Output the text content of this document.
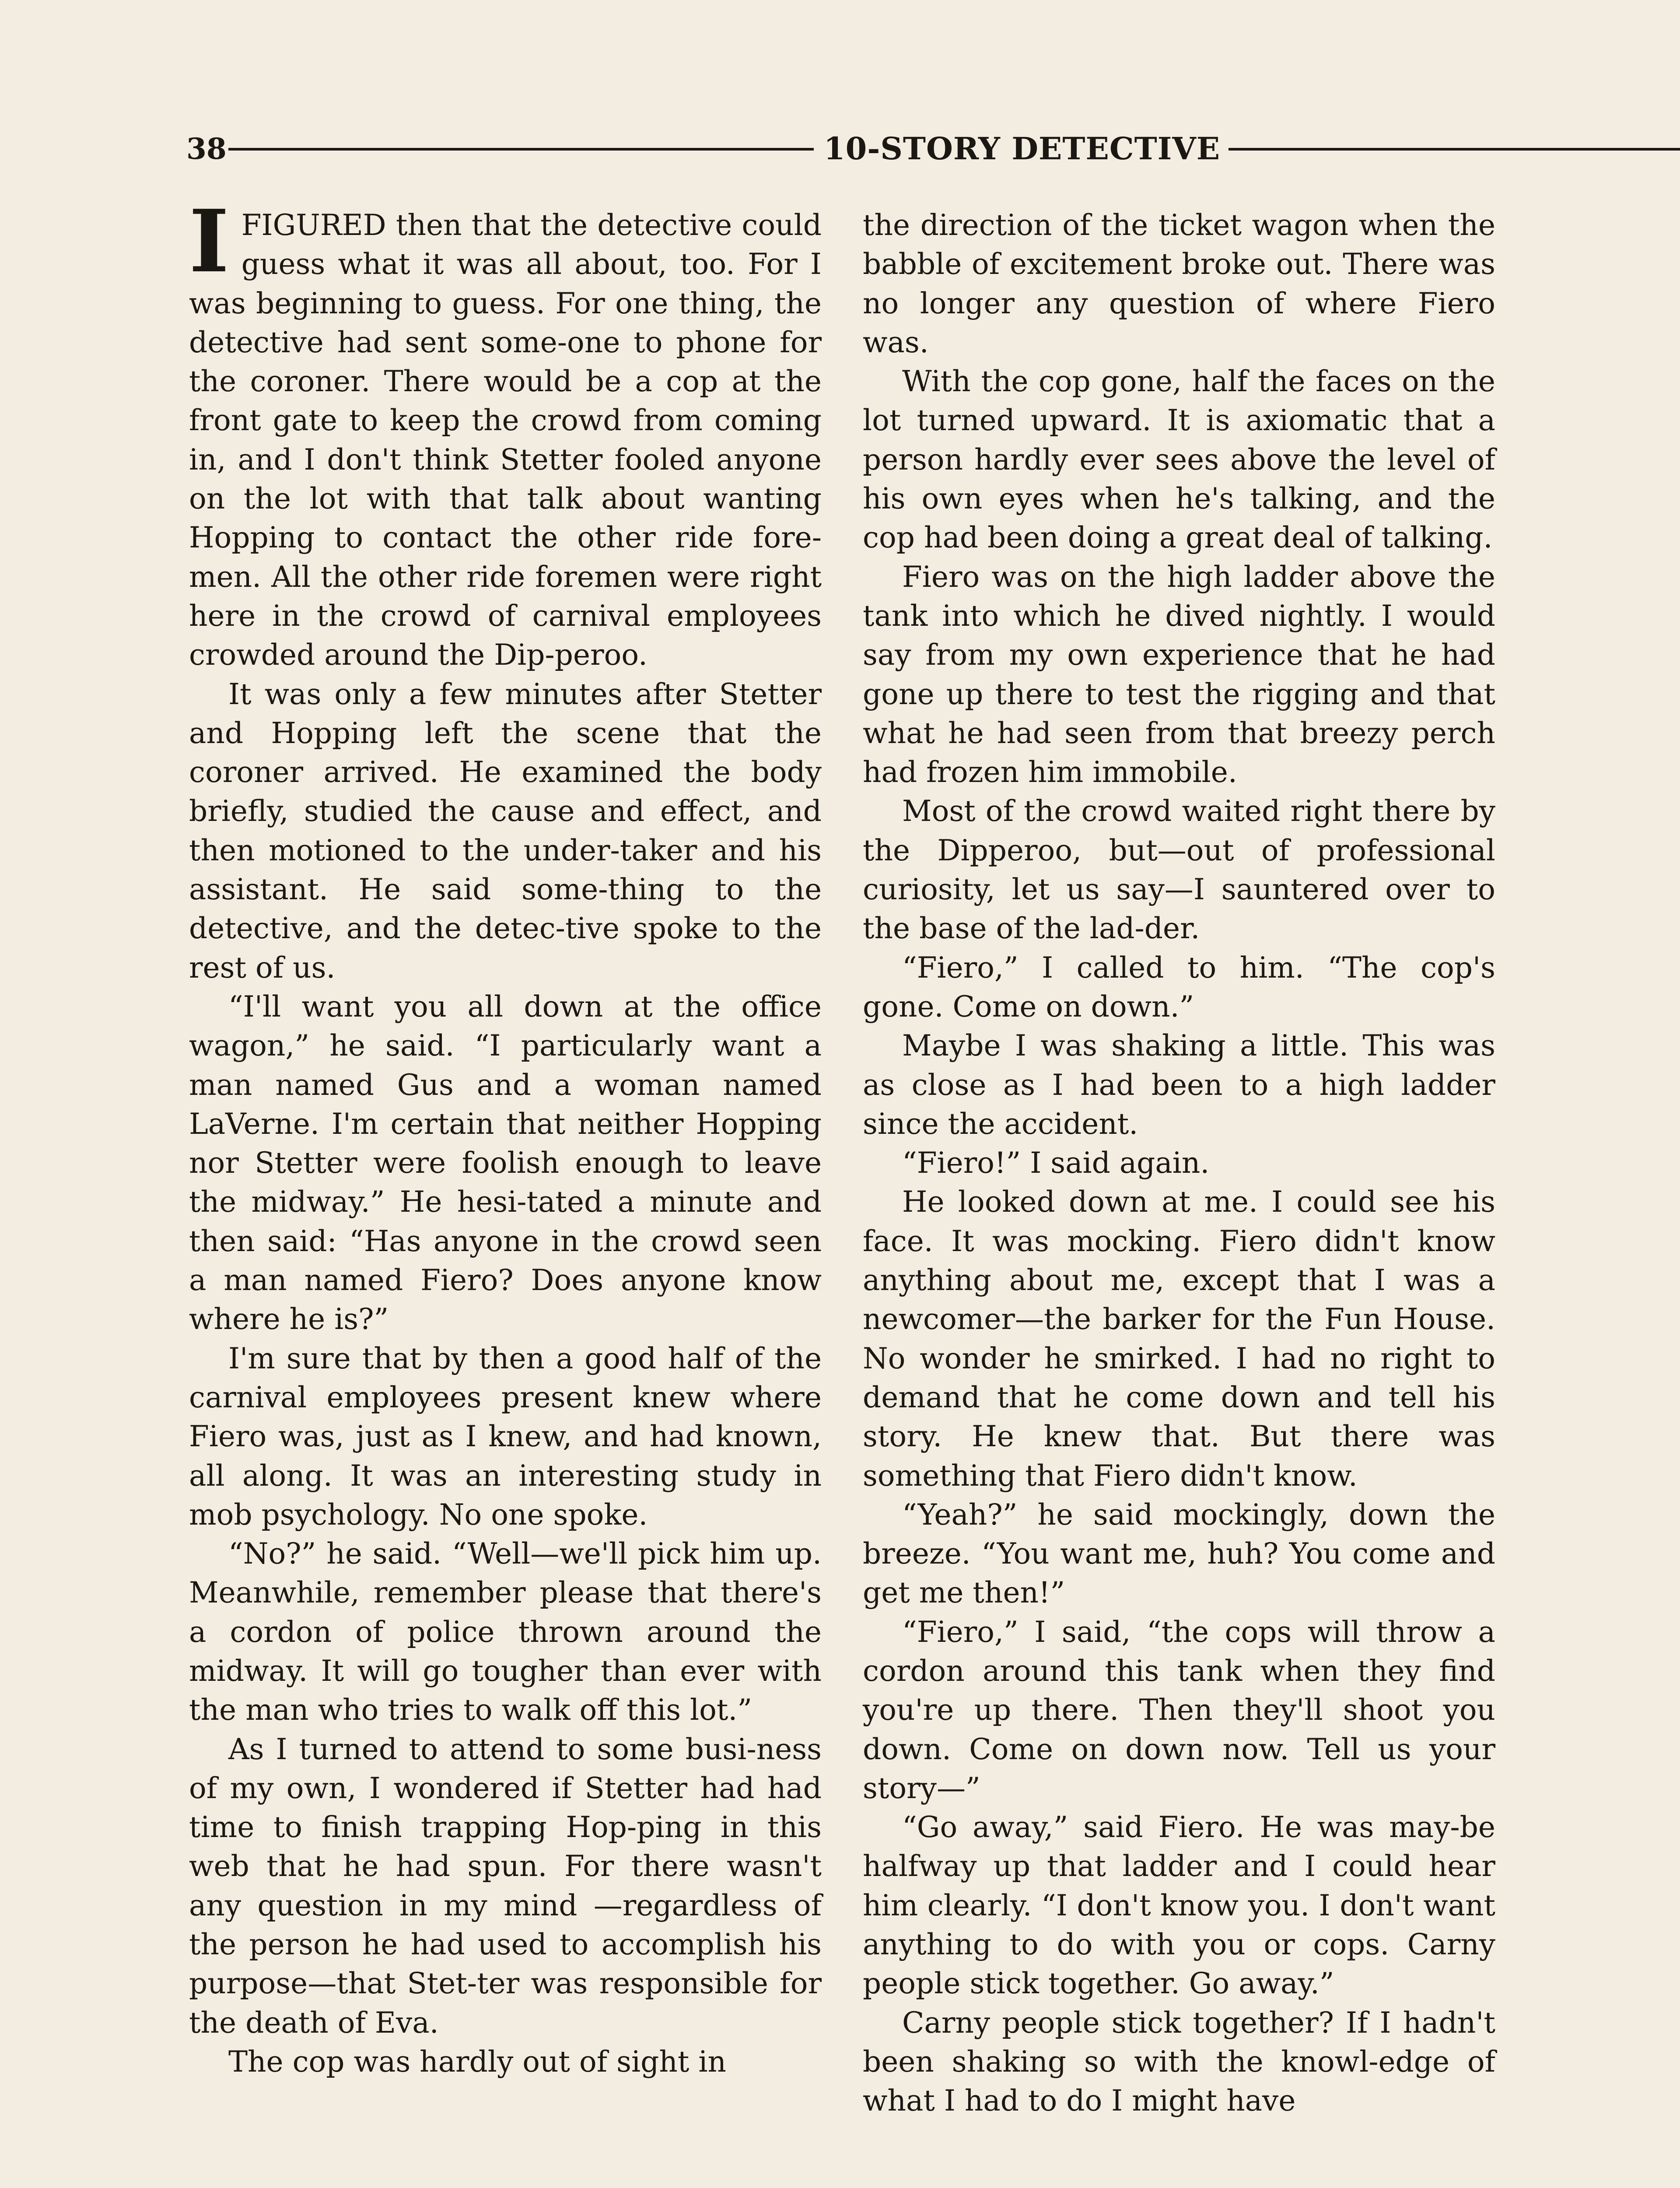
38	10-STORY DETECTIVE

I FIGURED then that the detective could guess what it was all about, too. For I was beginning to guess. For one thing, the detective had sent some-one to phone for the coroner. There would be a cop at the front gate to keep the crowd from coming in, and I don't think Stetter fooled anyone on the lot with that talk about wanting Hopping to contact the other ride fore-men. All the other ride foremen were right here in the crowd of carnival employees crowded around the Dip-peroo.

It was only a few minutes after Stetter and Hopping left the scene that the coroner arrived. He examined the body briefly, studied the cause and effect, and then motioned to the under-taker and his assistant. He said some-thing to the detective, and the detec-tive spoke to the rest of us.

“I'll want you all down at the office wagon,” he said. “I particularly want a man named Gus and a woman named LaVerne. I'm certain that neither Hopping nor Stetter were foolish enough to leave the midway.” He hesi-tated a minute and then said: “Has anyone in the crowd seen a man named Fiero? Does anyone know where he is?”

I'm sure that by then a good half of the carnival employees present knew where Fiero was, just as I knew, and had known, all along. It was an interesting study in mob psychology. No one spoke.

“No?” he said. “Well—we'll pick him up. Meanwhile, remember please that there's a cordon of police thrown around the midway. It will go tougher than ever with the man who tries to walk off this lot.”

As I turned to attend to some busi-ness of my own, I wondered if Stetter had had time to finish trapping Hop-ping in this web that he had spun. For there wasn't any question in my mind —regardless of the person he had used to accomplish his purpose—that Stet-ter was responsible for the death of Eva.

The cop was hardly out of sight in

the direction of the ticket wagon when the babble of excitement broke out. There was no longer any question of where Fiero was.

With the cop gone, half the faces on the lot turned upward. It is axiomatic that a person hardly ever sees above the level of his own eyes when he's talking, and the cop had been doing a great deal of talking.

Fiero was on the high ladder above the tank into which he dived nightly. I would say from my own experience that he had gone up there to test the rigging and that what he had seen from that breezy perch had frozen him immobile.

Most of the crowd waited right there by the Dipperoo, but—out of professional curiosity, let us say—I sauntered over to the base of the lad-der.

“Fiero,” I called to him. “The cop's gone. Come on down.”

Maybe I was shaking a little. This was as close as I had been to a high ladder since the accident.

“Fiero!” I said again.

He looked down at me. I could see his face. It was mocking. Fiero didn't know anything about me, except that I was a newcomer—the barker for the Fun House. No wonder he smirked. I had no right to demand that he come down and tell his story. He knew that. But there was something that Fiero didn't know.

“Yeah?” he said mockingly, down the breeze. “You want me, huh? You come and get me then!”

“Fiero,” I said, “the cops will throw a cordon around this tank when they find you're up there. Then they'll shoot you down. Come on down now. Tell us your story—”

“Go away,” said Fiero. He was may-be halfway up that ladder and I could hear him clearly. “I don't know you. I don't want anything to do with you or cops. Carny people stick together. Go away.”

Carny people stick together? If I hadn't been shaking so with the knowl-edge of what I had to do I might have
